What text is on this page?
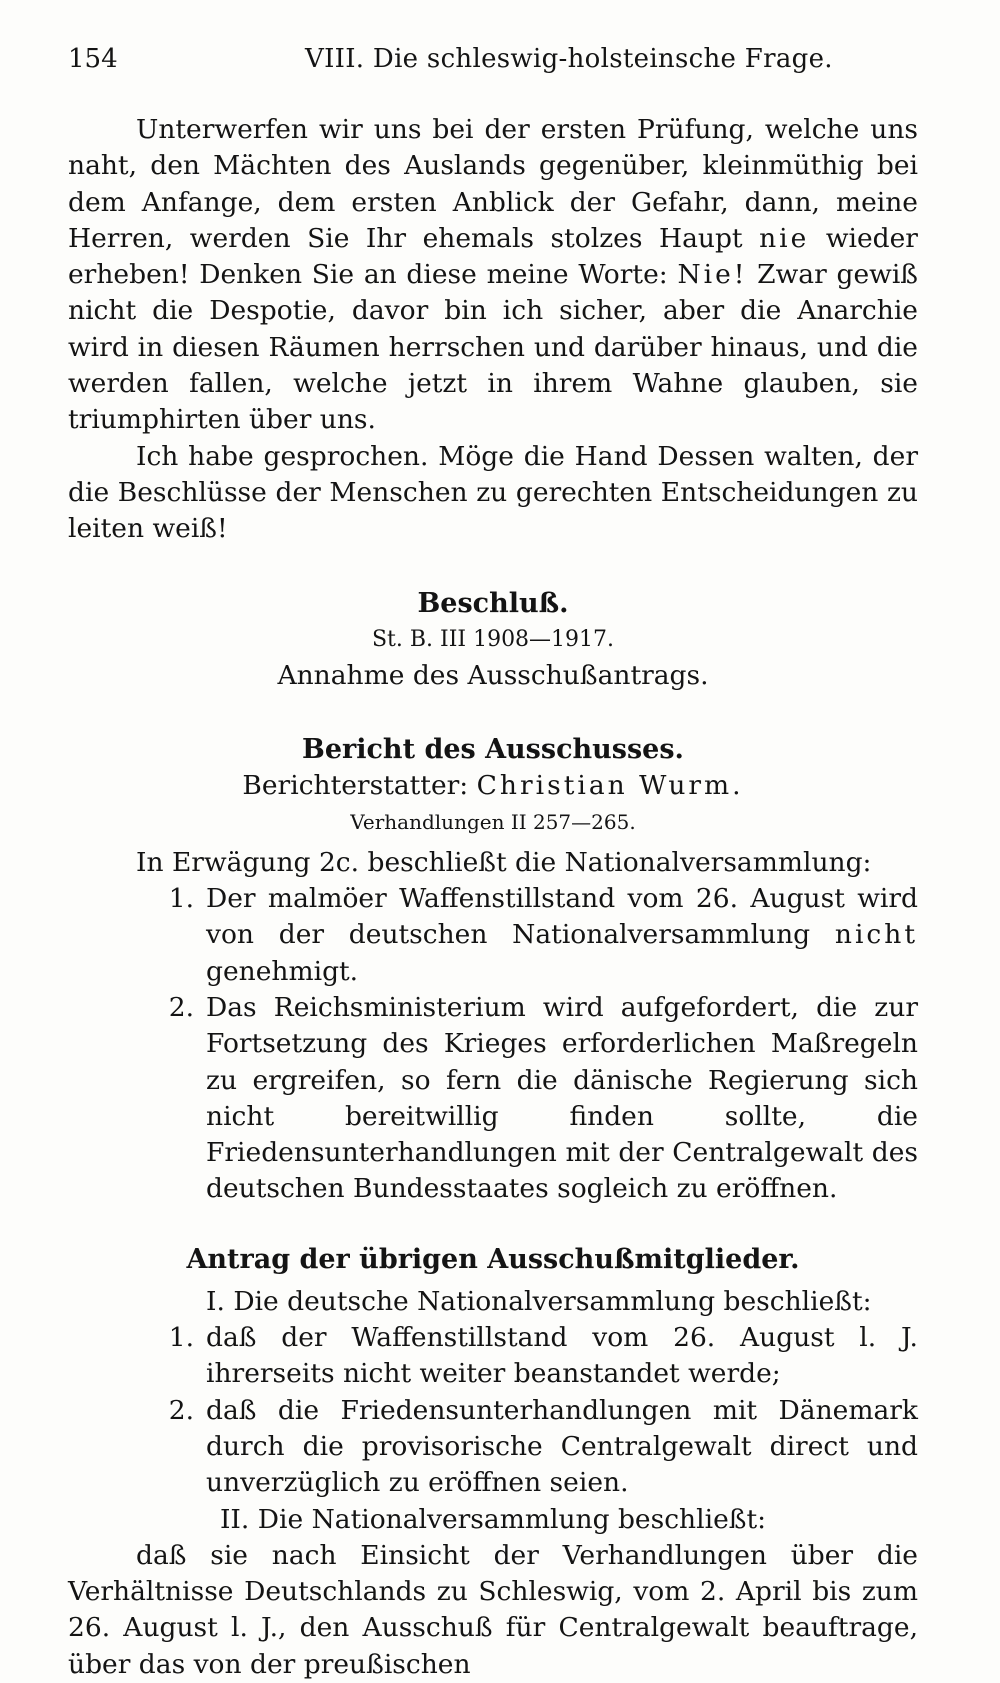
154	VIII. Die schleswig-holsteinsche Frage.

Unterwerfen wir uns bei der ersten Prüfung, welche uns naht, den Mächten des Auslands gegenüber, kleinmüthig bei dem Anfange, dem ersten Anblick der Gefahr, dann, meine Herren, werden Sie Ihr ehemals stolzes Haupt nie wieder erheben! Denken Sie an diese meine Worte: Nie! Zwar gewiß nicht die Despotie, davor bin ich sicher, aber die Anarchie wird in diesen Räumen herrschen und darüber hinaus, und die werden fallen, welche jetzt in ihrem Wahne glauben, sie triumphirten über uns.

Ich habe gesprochen. Möge die Hand Dessen walten, der die Beschlüsse der Menschen zu gerechten Entscheidungen zu leiten weiß!

Beschluß.

St. B. III 1908—1917.

Annahme des Ausschußantrags.

Bericht des Ausschusses.

Berichterstatter: Christian Wurm.

Verhandlungen II 257—265.

In Erwägung 2c. beschließt die Nationalversammlung:

1. Der malmöer Waffenstillstand vom 26. August wird von der deutschen Nationalversammlung nicht genehmigt.

2. Das Reichsministerium wird aufgefordert, die zur Fortsetzung des Krieges erforderlichen Maßregeln zu ergreifen, so fern die dänische Regierung sich nicht bereitwillig finden sollte, die Friedensunterhandlungen mit der Centralgewalt des deutschen Bundesstaates sogleich zu eröffnen.

Antrag der übrigen Ausschußmitglieder.

I. Die deutsche Nationalversammlung beschließt:

1. daß der Waffenstillstand vom 26. August l. J. ihrerseits nicht weiter beanstandet werde;

2. daß die Friedensunterhandlungen mit Dänemark durch die provisorische Centralgewalt direct und unverzüglich zu eröffnen seien.

II. Die Nationalversammlung beschließt:

daß sie nach Einsicht der Verhandlungen über die Verhältnisse Deutschlands zu Schleswig, vom 2. April bis zum 26. August l. J., den Ausschuß für Centralgewalt beauftrage, über das von der preußischen
